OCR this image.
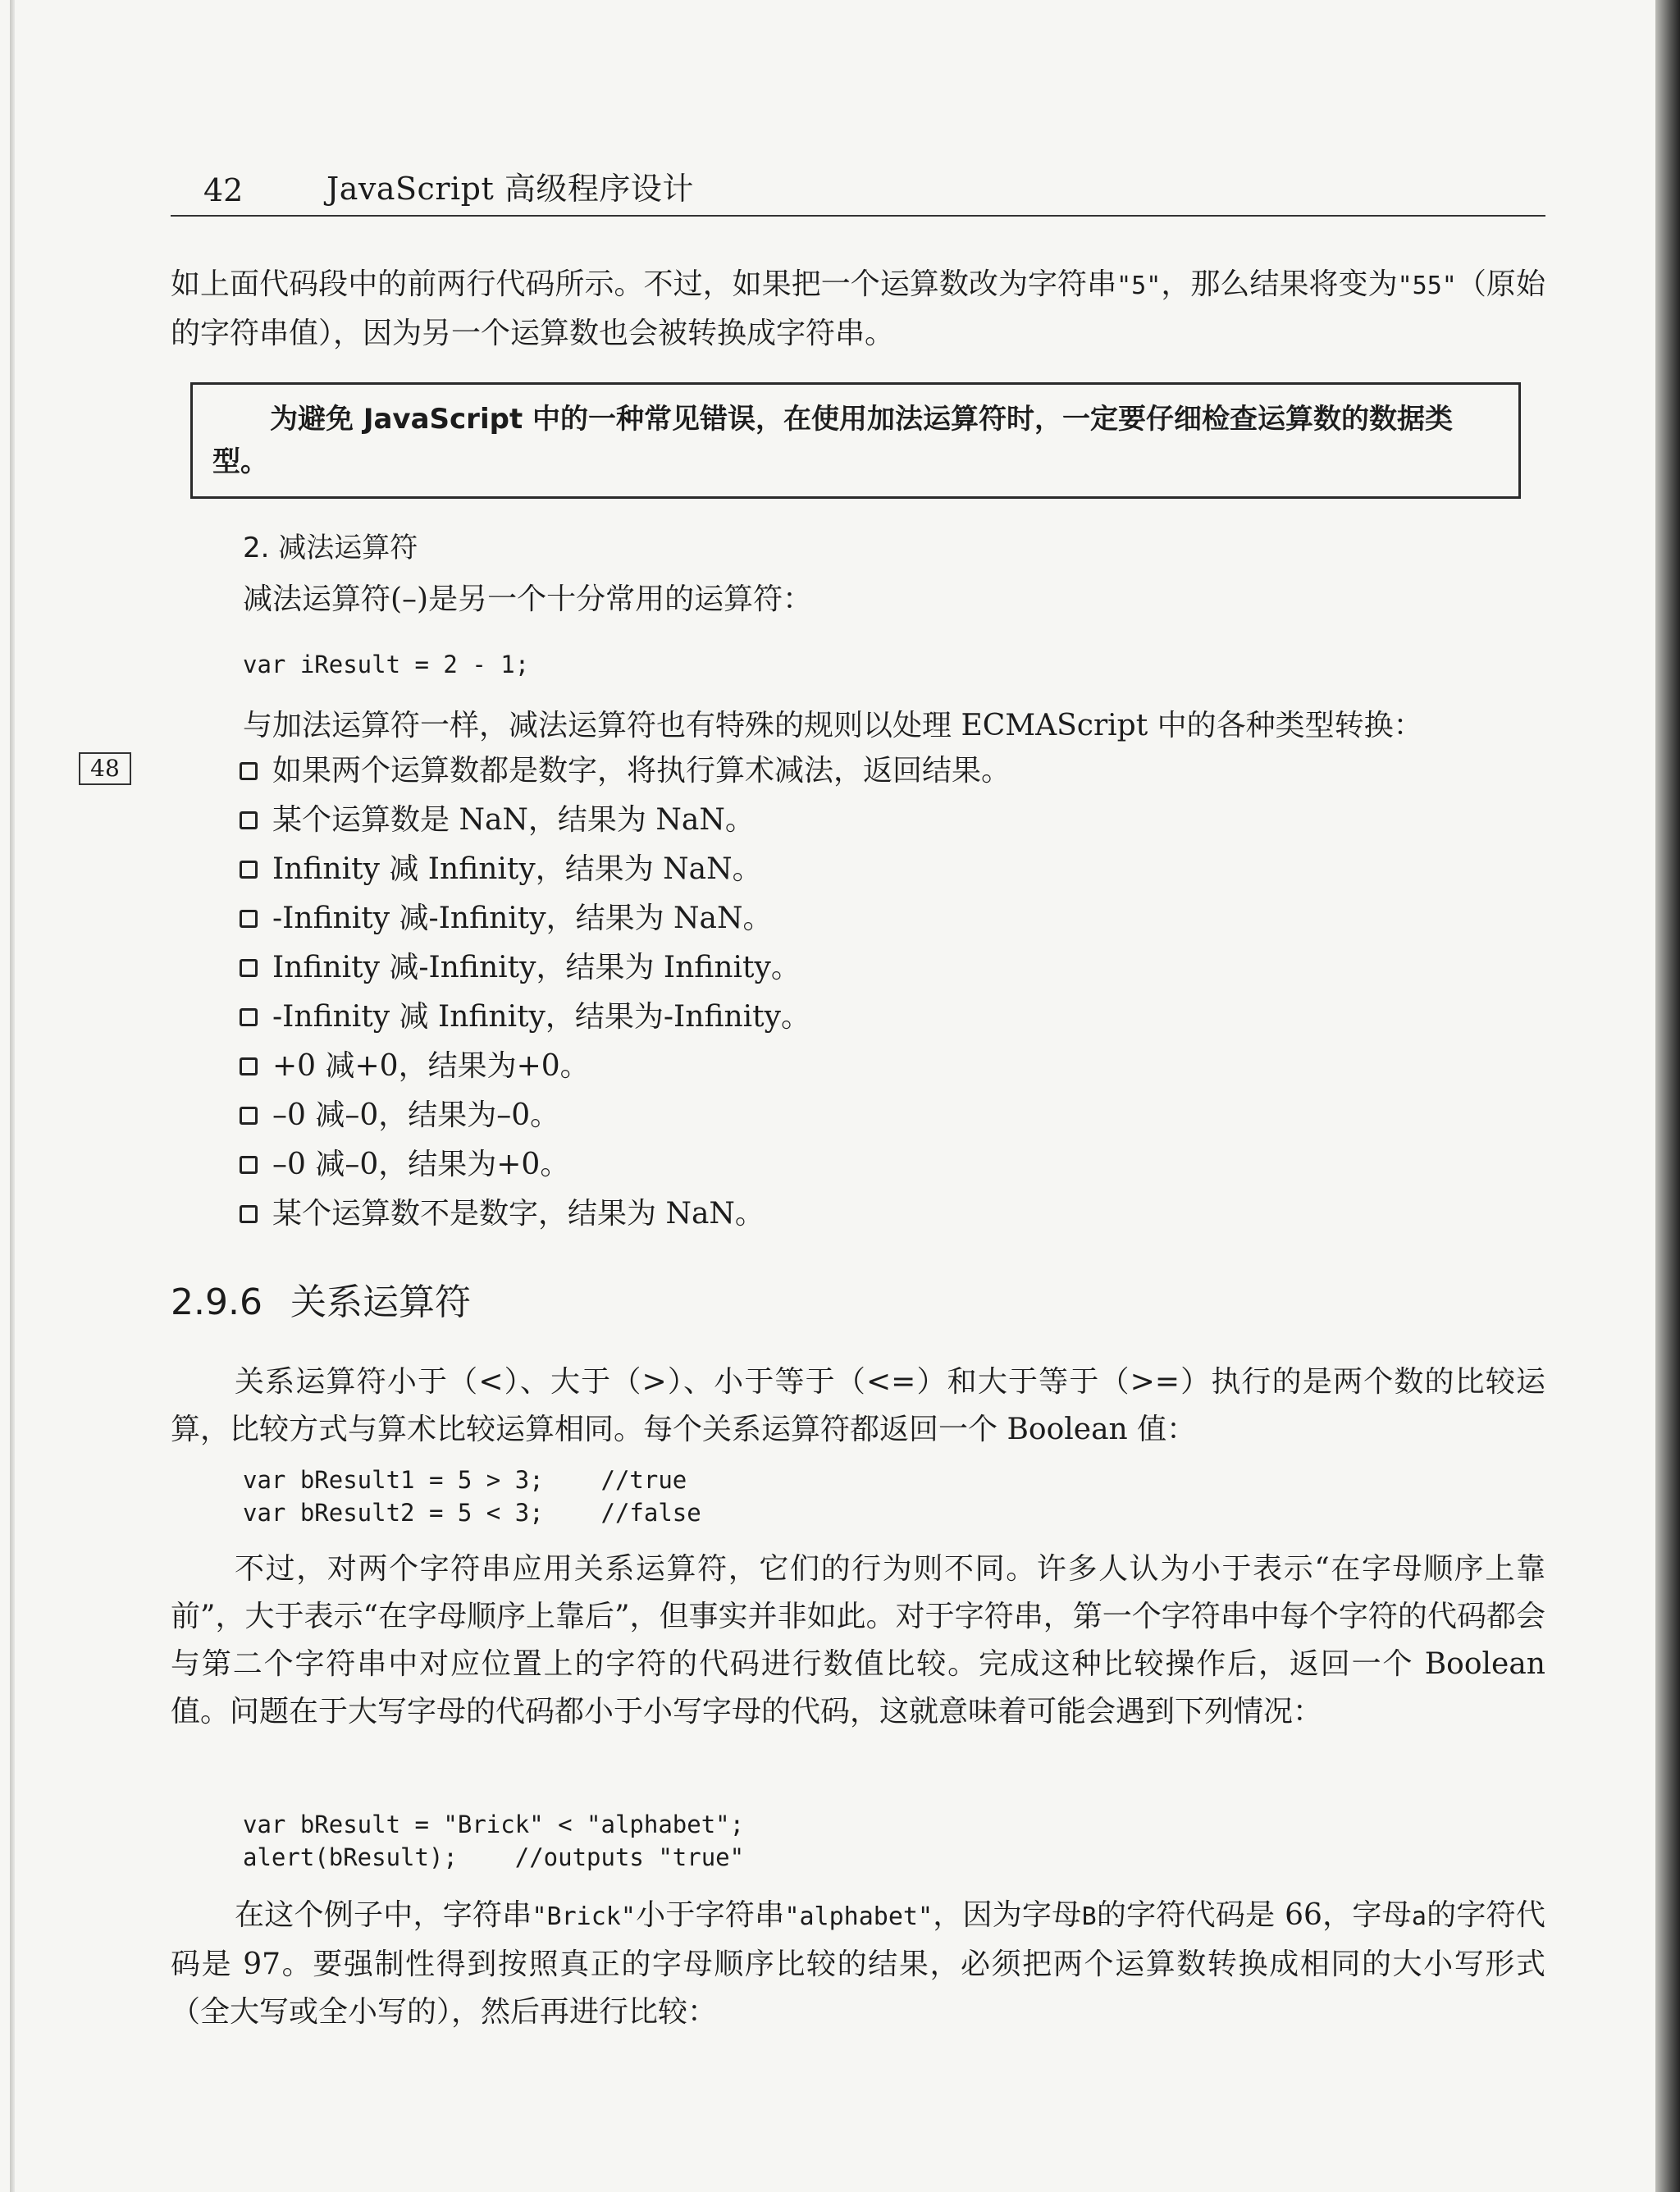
42	JavaScript 高级程序设计
如上面代码段中的前两行代码所示。不过，如果把一个运算数改为字符串"5"，那么结果将变为"55"（原始的字符串值），因为另一个运算数也会被转换成字符串。
为避免 JavaScript 中的一种常见错误，在使用加法运算符时，一定要仔细检查运算数的数据类型。
2. 减法运算符
减法运算符(–)是另一个十分常用的运算符：
var iResult = 2 - 1;
与加法运算符一样，减法运算符也有特殊的规则以处理 ECMAScript 中的各种类型转换：
48	如果两个运算数都是数字，将执行算术减法，返回结果。
某个运算数是 NaN，结果为 NaN。
Infinity 减 Infinity，结果为 NaN。
-Infinity 减-Infinity，结果为 NaN。
Infinity 减-Infinity，结果为 Infinity。
-Infinity 减 Infinity，结果为-Infinity。
+0 减+0，结果为+0。
–0 减–0，结果为–0。
–0 减–0，结果为+0。
某个运算数不是数字，结果为 NaN。
2.9.6 关系运算符
关系运算符小于（<）、大于（>）、小于等于（<=）和大于等于（>=）执行的是两个数的比较运算，比较方式与算术比较运算相同。每个关系运算符都返回一个 Boolean 值：
var bResult1 = 5 > 3;    //true
var bResult2 = 5 < 3;    //false
不过，对两个字符串应用关系运算符，它们的行为则不同。许多人认为小于表示“在字母顺序上靠前”，大于表示“在字母顺序上靠后”，但事实并非如此。对于字符串，第一个字符串中每个字符的代码都会与第二个字符串中对应位置上的字符的代码进行数值比较。完成这种比较操作后，返回一个 Boolean 值。问题在于大写字母的代码都小于小写字母的代码，这就意味着可能会遇到下列情况：
var bResult = "Brick" < "alphabet";
alert(bResult);    //outputs "true"
在这个例子中，字符串"Brick"小于字符串"alphabet"，因为字母B的字符代码是 66，字母a的字符代码是 97。要强制性得到按照真正的字母顺序比较的结果，必须把两个运算数转换成相同的大小写形式（全大写或全小写的），然后再进行比较：
